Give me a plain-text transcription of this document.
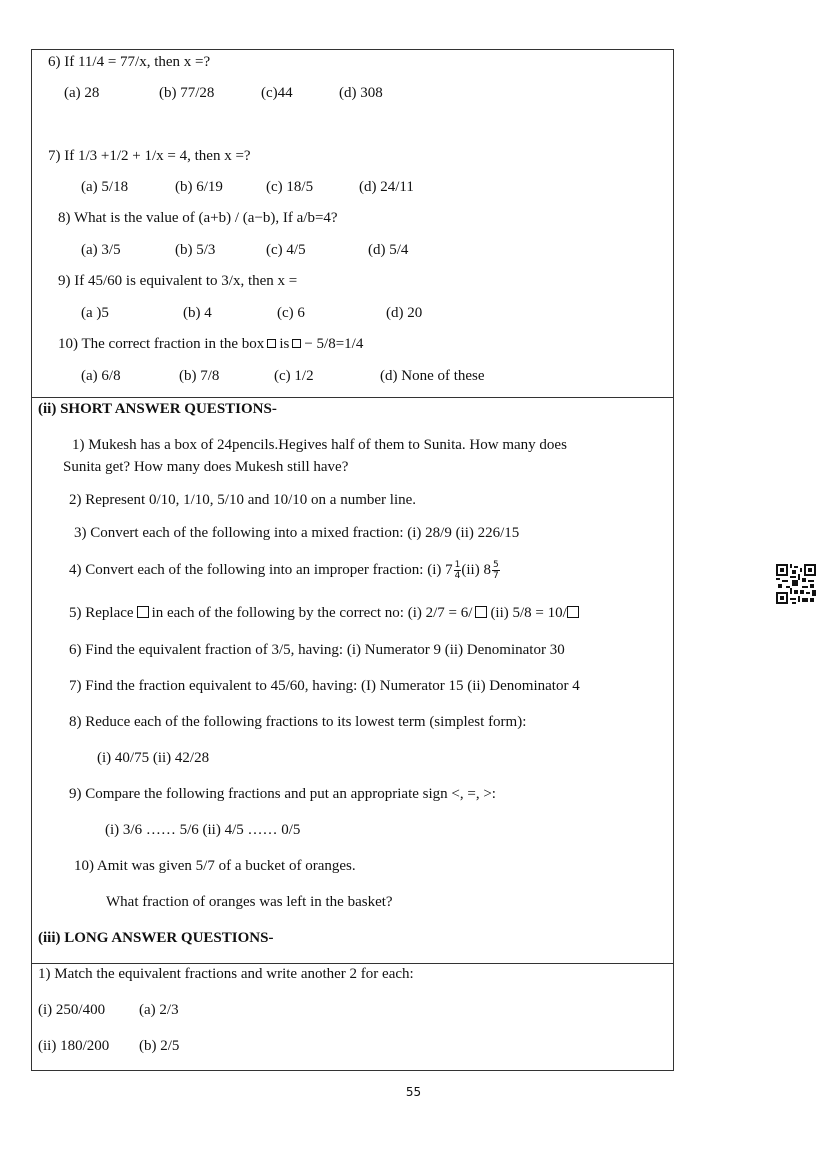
6) If 11/4 = 77/x, then x =?
(a) 28	(b) 77/28	(c)44	(d) 308
7) If 1/3 +1/2 + 1/x = 4, then x =?
(a) 5/18	(b) 6/19	(c) 18/5	(d) 24/11
8) What is the value of (a+b) / (a−b), If a/b=4?
(a) 3/5	(b) 5/3	(c) 4/5	(d) 5/4
9) If 45/60 is equivalent to 3/x, then x =
(a )5	(b) 4	(c) 6	(d) 20
10) The correct fraction in the box is − 5/8=1/4
(a) 6/8	(b) 7/8	(c) 1/2	(d) None of these
(ii) SHORT ANSWER QUESTIONS-
1) Mukesh has a box of 24pencils.Hegives half of them to Sunita. How many does
Sunita get? How many does Mukesh still have?
2) Represent 0/10, 1/10, 5/10 and 10/10 on a number line.
3) Convert each of the following into a mixed fraction: (i) 28/9 (ii) 226/15
4) Convert each of the following into an improper fraction: (i) $7 \frac{1}{4} (ii)$ $8 \frac{5}{7}$
5) Replace in each of the following by the correct no: (i) 2/7 = 6/ (ii) 5/8 = 10/
6) Find the equivalent fraction of 3/5, having: (i) Numerator 9 (ii) Denominator 30
7) Find the fraction equivalent to 45/60, having: (I) Numerator 15 (ii) Denominator 4
8) Reduce each of the following fractions to its lowest term (simplest form):
(i) 40/75 (ii) 42/28
9) Compare the following fractions and put an appropriate sign <, =, >:
(i) 3/6 …… 5/6 (ii) 4/5 …… 0/5
10) Amit was given 5/7 of a bucket of oranges.
What fraction of oranges was left in the basket?
(iii) LONG ANSWER QUESTIONS-
1) Match the equivalent fractions and write another 2 for each:
(i) 250/400 (a) 2/3
(ii) 180/200 (b) 2/5
55
